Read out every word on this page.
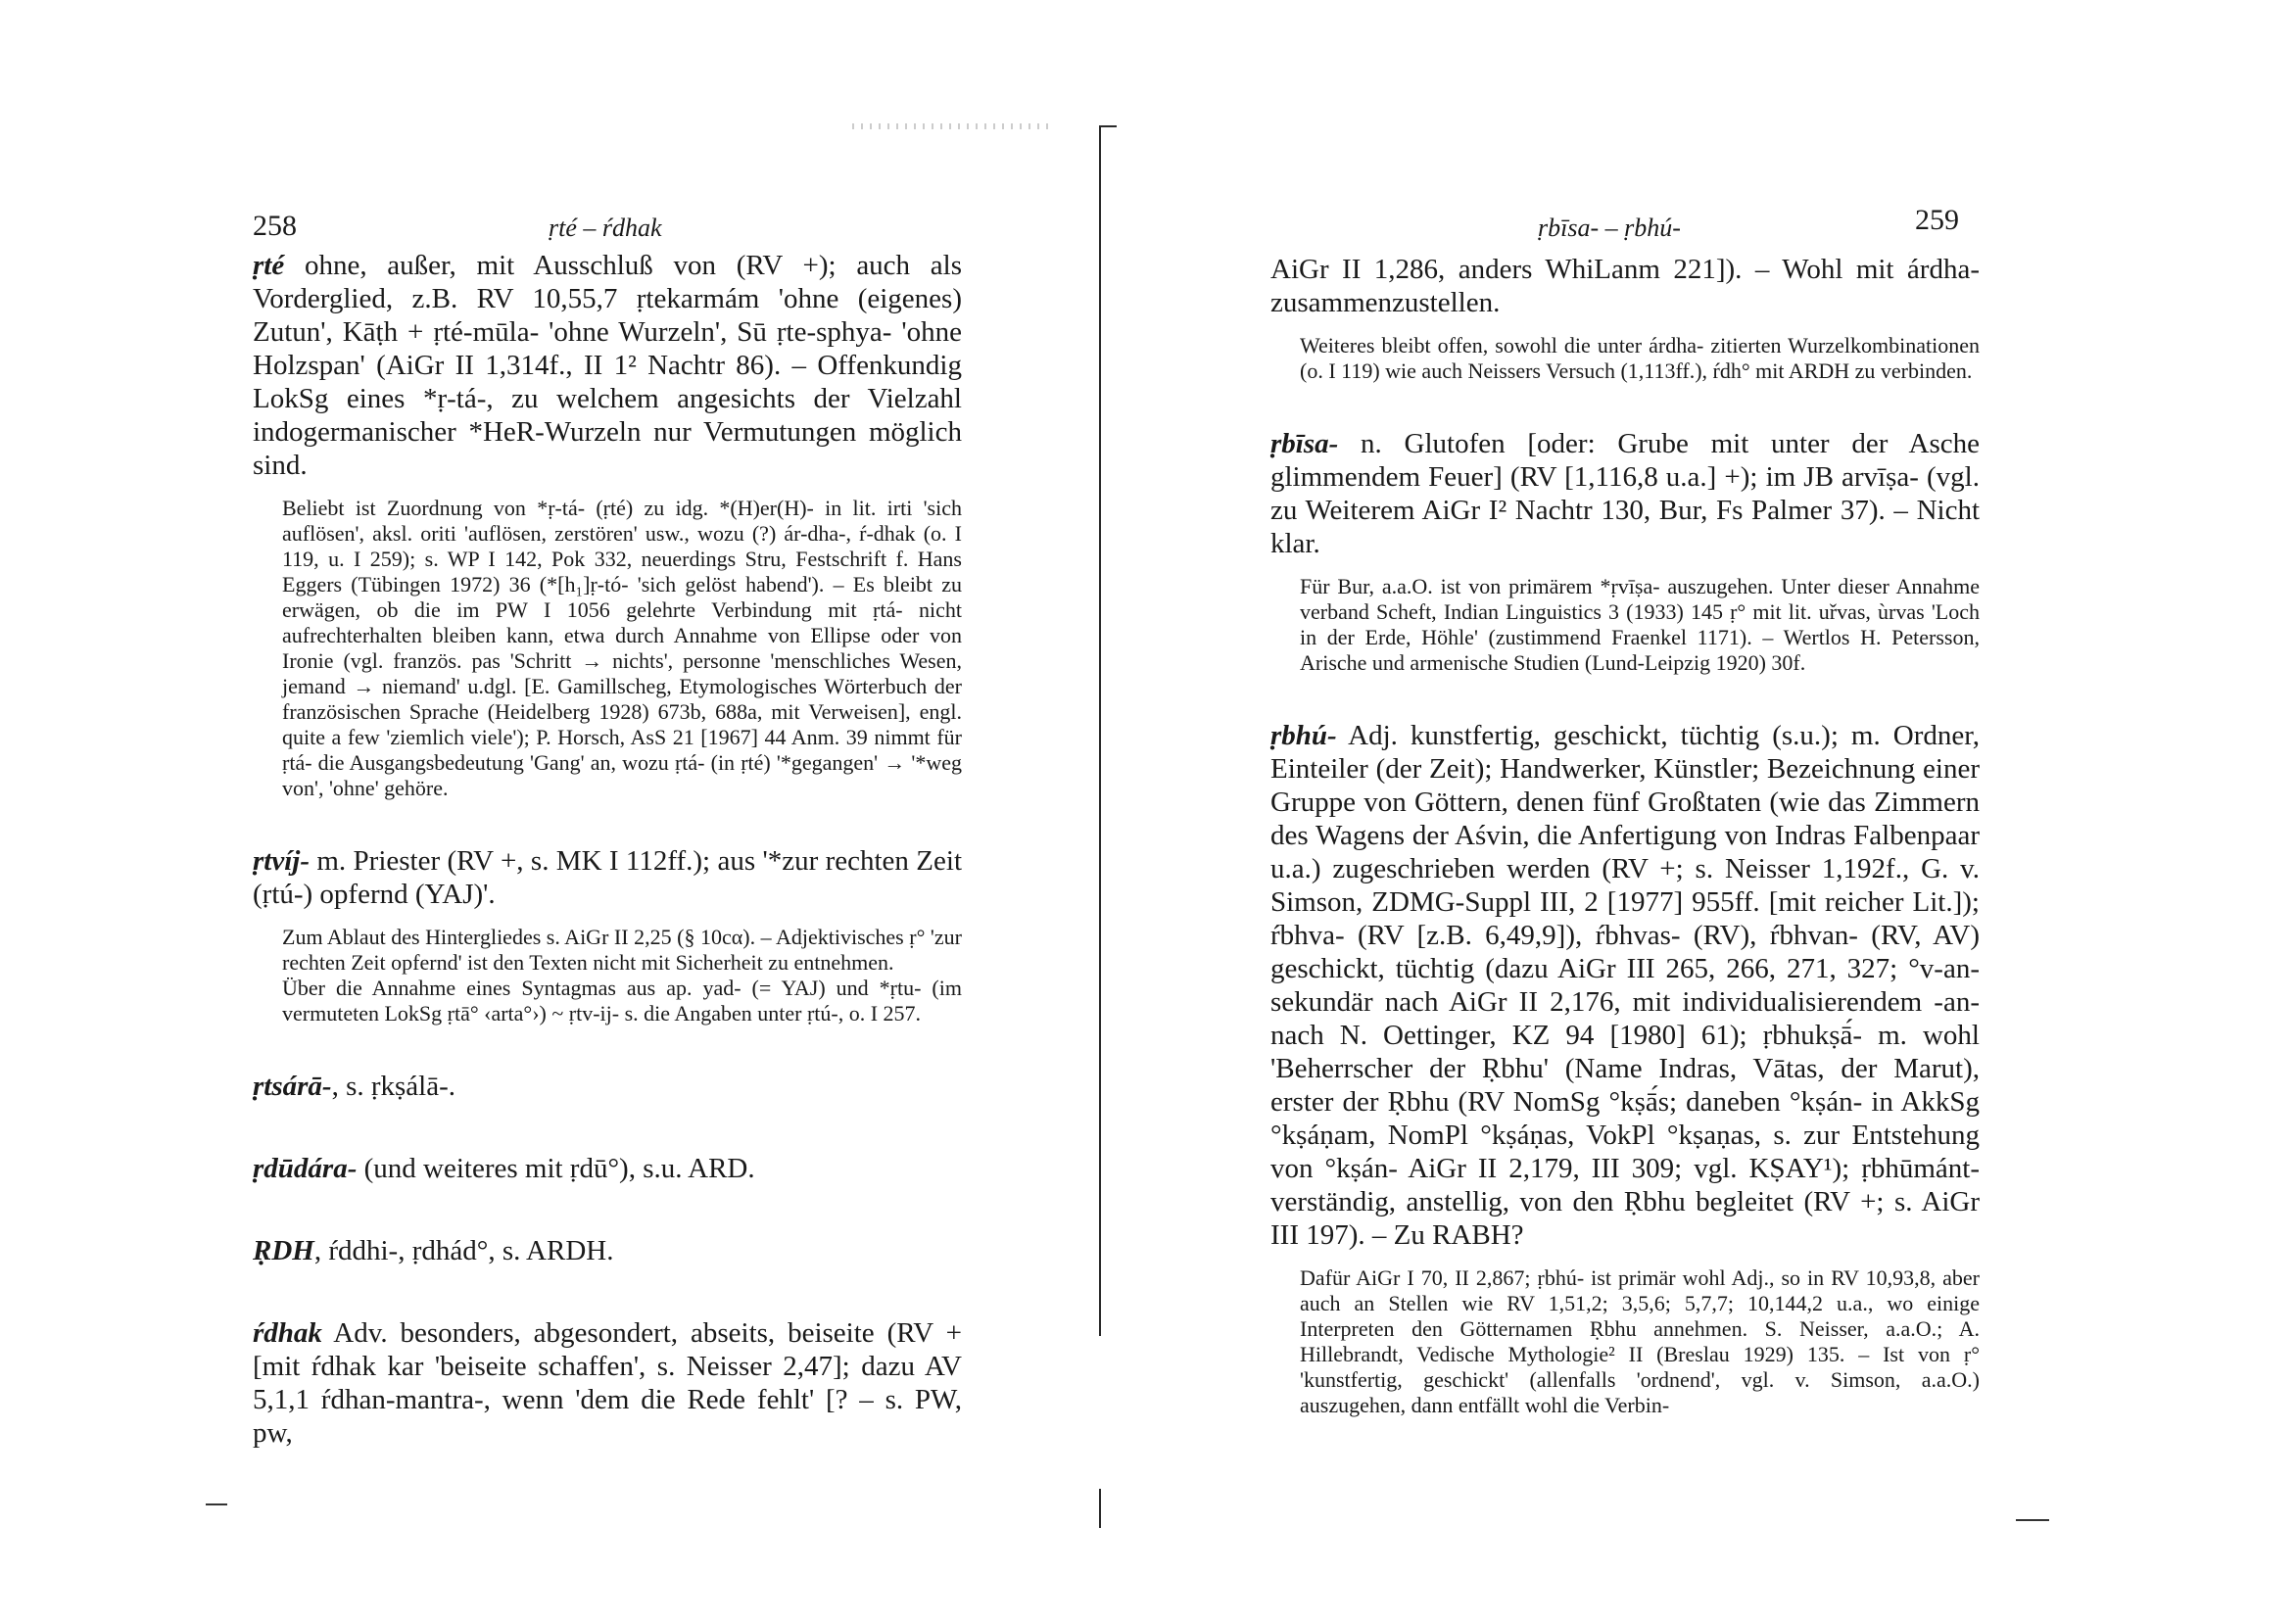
258	ṛté – ŕdhak

ṛté ohne, außer, mit Ausschluß von (RV +); auch als Vorderglied, z.B. RV 10,55,7 ṛtekarmám 'ohne (eigenes) Zutun', Kāṭh + ṛté-mūla- 'ohne Wurzeln', Sū ṛte-sphya- 'ohne Holzspan' (AiGr II 1,314f., II 1² Nachtr 86). – Offenkundig LokSg eines *ṛ-tá-, zu welchem angesichts der Vielzahl indogermanischer *HeR-Wurzeln nur Vermutungen möglich sind.

Beliebt ist Zuordnung von *ṛ-tá- (ṛté) zu idg. *(H)er(H)- in lit. irti 'sich auflösen', aksl. oriti 'auflösen, zerstören' usw., wozu (?) ár-dha-, ŕ-dhak (o. I 119, u. I 259); s. WP I 142, Pok 332, neuerdings Stru, Festschrift f. Hans Eggers (Tübingen 1972) 36 (*[h₁]ṛ-tó- 'sich gelöst habend'). – Es bleibt zu erwägen, ob die im PW I 1056 gelehrte Verbindung mit ṛtá- nicht aufrechterhalten bleiben kann, etwa durch Annahme von Ellipse oder von Ironie (vgl. französ. pas 'Schritt → nichts', personne 'menschliches Wesen, jemand → niemand' u.dgl. [E. Gamillscheg, Etymologisches Wörterbuch der französischen Sprache (Heidelberg 1928) 673b, 688a, mit Verweisen], engl. quite a few 'ziemlich viele'); P. Horsch, AsS 21 [1967] 44 Anm. 39 nimmt für ṛtá- die Ausgangsbedeutung 'Gang' an, wozu ṛtá- (in ṛté) '*gegangen' → '*weg von', 'ohne' gehöre.

ṛtvíj- m. Priester (RV +, s. MK I 112ff.); aus '*zur rechten Zeit (ṛtú-) opfernd (YAJ)'.

Zum Ablaut des Hintergliedes s. AiGr II 2,25 (§ 10cα). – Adjektivisches ṛ° 'zur rechten Zeit opfernd' ist den Texten nicht mit Sicherheit zu entnehmen.

Über die Annahme eines Syntagmas aus ap. yad- (= YAJ) und *ṛtu- (im vermuteten LokSg ṛtā° ‹arta°›) ~ ṛtv-ij- s. die Angaben unter ṛtú-, o. I 257.

ṛtsárā-, s. ṛkṣálā-.

ṛdūdára- (und weiteres mit ṛdū°), s.u. ARD.

ṚDH, ŕddhi-, ṛdhád°, s. ARDH.

ŕdhak Adv. besonders, abgesondert, abseits, beiseite (RV + [mit ŕdhak kar 'beiseite schaffen', s. Neisser 2,47]; dazu AV 5,1,1 ŕdhan-mantra-, wenn 'dem die Rede fehlt' [? – s. PW, pw,

ṛbīsa- – ṛbhú-	259

AiGr II 1,286, anders WhiLanm 221]). – Wohl mit árdha- zusammenzustellen.

Weiteres bleibt offen, sowohl die unter árdha- zitierten Wurzelkombinationen (o. I 119) wie auch Neissers Versuch (1,113ff.), ŕdh° mit ARDH zu verbinden.

ṛbīsa- n. Glutofen [oder: Grube mit unter der Asche glimmendem Feuer] (RV [1,116,8 u.a.] +); im JB arvīṣa- (vgl. zu Weiterem AiGr I² Nachtr 130, Bur, Fs Palmer 37). – Nicht klar.

Für Bur, a.a.O. ist von primärem *ṛvīṣa- auszugehen. Unter dieser Annahme verband Scheft, Indian Linguistics 3 (1933) 145 ṛ° mit lit. uřvas, ùrvas 'Loch in der Erde, Höhle' (zustimmend Fraenkel 1171). – Wertlos H. Petersson, Arische und armenische Studien (Lund-Leipzig 1920) 30f.

ṛbhú- Adj. kunstfertig, geschickt, tüchtig (s.u.); m. Ordner, Einteiler (der Zeit); Handwerker, Künstler; Bezeichnung einer Gruppe von Göttern, denen fünf Großtaten (wie das Zimmern des Wagens der Aśvin, die Anfertigung von Indras Falbenpaar u.a.) zugeschrieben werden (RV +; s. Neisser 1,192f., G. v. Simson, ZDMG-Suppl III, 2 [1977] 955ff. [mit reicher Lit.]); ŕbhva- (RV [z.B. 6,49,9]), ŕbhvas- (RV), ŕbhvan- (RV, AV) geschickt, tüchtig (dazu AiGr III 265, 266, 271, 327; °v-an- sekundär nach AiGr II 2,176, mit individualisierendem -an- nach N. Oettinger, KZ 94 [1980] 61); ṛbhukṣā́- m. wohl 'Beherrscher der Ṛbhu' (Name Indras, Vātas, der Marut), erster der Ṛbhu (RV NomSg °kṣā́s; daneben °kṣán- in AkkSg °kṣáṇam, NomPl °kṣáṇas, VokPl °kṣaṇas, s. zur Entstehung von °kṣán- AiGr II 2,179, III 309; vgl. KṢAY¹); ṛbhūmánt- verständig, anstellig, von den Ṛbhu begleitet (RV +; s. AiGr III 197). – Zu RABH?

Dafür AiGr I 70, II 2,867; ṛbhú- ist primär wohl Adj., so in RV 10,93,8, aber auch an Stellen wie RV 1,51,2; 3,5,6; 5,7,7; 10,144,2 u.a., wo einige Interpreten den Götternamen Ṛbhu annehmen. S. Neisser, a.a.O.; A. Hillebrandt, Vedische Mythologie² II (Breslau 1929) 135. – Ist von ṛ° 'kunstfertig, geschickt' (allenfalls 'ordnend', vgl. v. Simson, a.a.O.) auszugehen, dann entfällt wohl die Verbin-
